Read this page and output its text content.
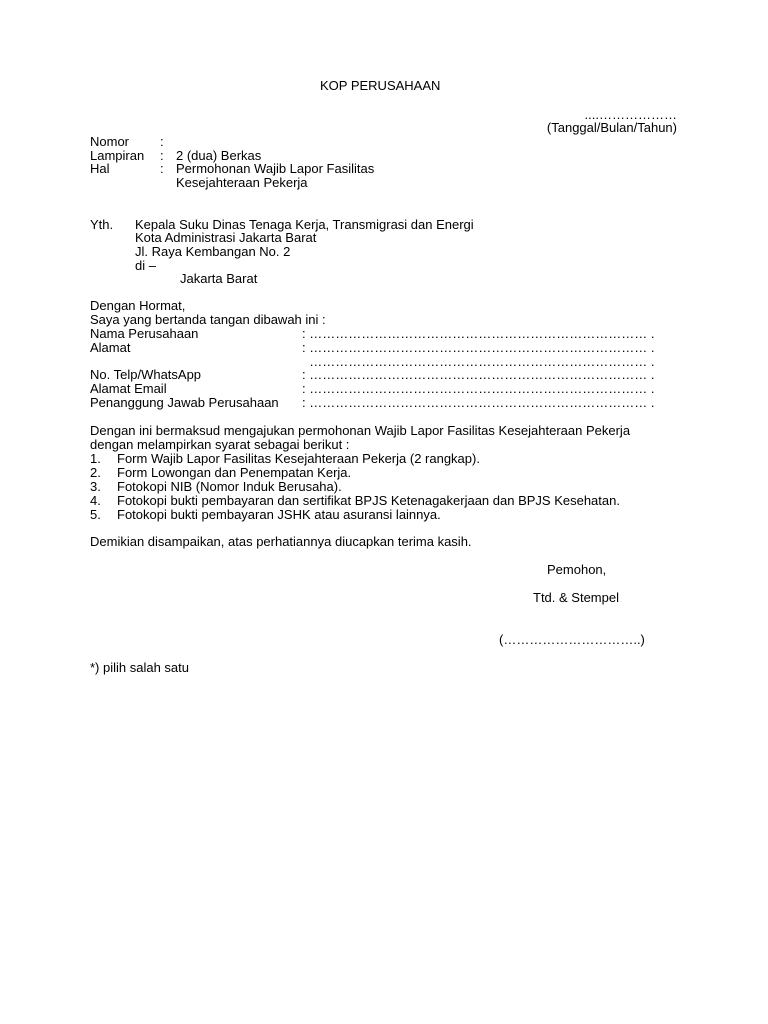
KOP PERUSAHAAN
....………………
(Tanggal/Bulan/Tahun)
Nomor :
Lampiran : 2 (dua) Berkas
Hal	: Permohonan Wajib Lapor Fasilitas
Kesejahteraan Pekerja
Yth. Kepala Suku Dinas Tenaga Kerja, Transmigrasi dan Energi
Kota Administrasi Jakarta Barat
Jl. Raya Kembangan No. 2
di –
Jakarta Barat
Dengan Hormat,
Saya yang bertanda tangan dibawah ini :
Nama Perusahaan	: …………………………………………………………………… .
Alamat	: …………………………………………………………………… .
…………………………………………………………………… .
No. Telp/WhatsApp	: …………………………………………………………………… .
Alamat Email	: …………………………………………………………………… .
Penanggung Jawab Perusahaan : …………………………………………………………………… .
Dengan ini bermaksud mengajukan permohonan Wajib Lapor Fasilitas Kesejahteraan Pekerja
dengan melampirkan syarat sebagai berikut :
1. Form Wajib Lapor Fasilitas Kesejahteraan Pekerja (2 rangkap).
2. Form Lowongan dan Penempatan Kerja.
3. Fotokopi NIB (Nomor Induk Berusaha).
4. Fotokopi bukti pembayaran dan sertifikat BPJS Ketenagakerjaan dan BPJS Kesehatan.
5. Fotokopi bukti pembayaran JSHK atau asuransi lainnya.
Demikian disampaikan, atas perhatiannya diucapkan terima kasih.
Pemohon,
Ttd. & Stempel
(…………………………..)
*) pilih salah satu
